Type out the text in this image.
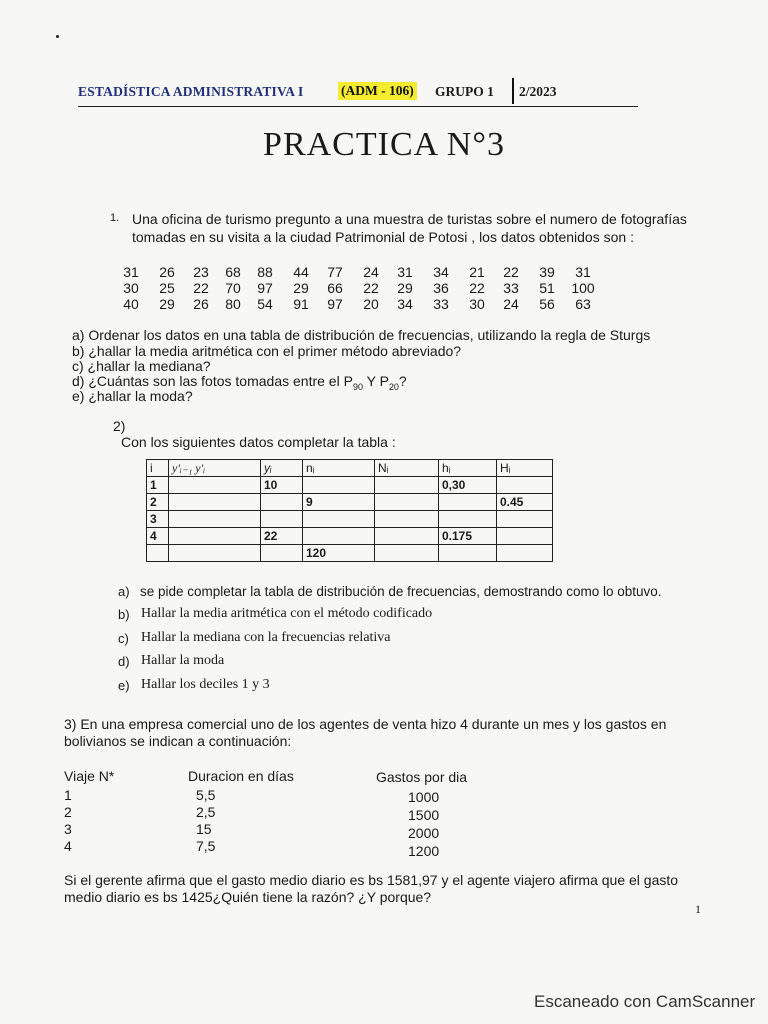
ESTADÍSTICA ADMINISTRATIVA I	(ADM - 106) GRUPO 1 2/2023
PRACTICA N°3
1. Una oficina de turismo pregunto a una muestra de turistas sobre el numero de fotografías
tomadas en su visita a la ciudad Patrimonial de Potosi , los datos obtenidos son :
31	26	23	68	88	44	77	24	31	34	21	22	39	31
30	25	22	70	97	29	66	22	29	36	22	33	51	100
40	29	26	80	54	91	97	20	34	33	30	24	56	63
a) Ordenar los datos en una tabla de distribución de frecuencias, utilizando la regla de Sturgs
b) ¿hallar la media aritmética con el primer método abreviado?
c) ¿hallar la mediana?
d) ¿Cuántas son las fotos tomadas entre el $P_{90}$ Y $P_{20}$?
e) ¿hallar la moda?
2)
Con los siguientes datos completar la tabla :
i	y'ᵢ₋₁ y'ᵢ	yᵢ	nᵢ	Nᵢ	hᵢ	Hᵢ
1		10			0,30	
2			9			0.45
3						
4		22			0.175	
			120			
a) se pide completar la tabla de distribución de frecuencias, demostrando como lo obtuvo.
b) Hallar la media aritmética con el método codificado
c) Hallar la mediana con la frecuencias relativa
d) Hallar la moda
e) Hallar los deciles 1 y 3
3) En una empresa comercial uno de los agentes de venta hizo 4 durante un mes y los gastos en
bolivianos se indican a continuación:
Viaje N*	Duracion en días	Gastos por dia
1	5,5	1000
2	2,5	1500
3	15	2000
4	7,5	1200
Si el gerente afirma que el gasto medio diario es bs 1581,97 y el agente viajero afirma que el gasto
medio diario es bs 1425¿Quién tiene la razón? ¿Y porque?
1
Escaneado con CamScanner
